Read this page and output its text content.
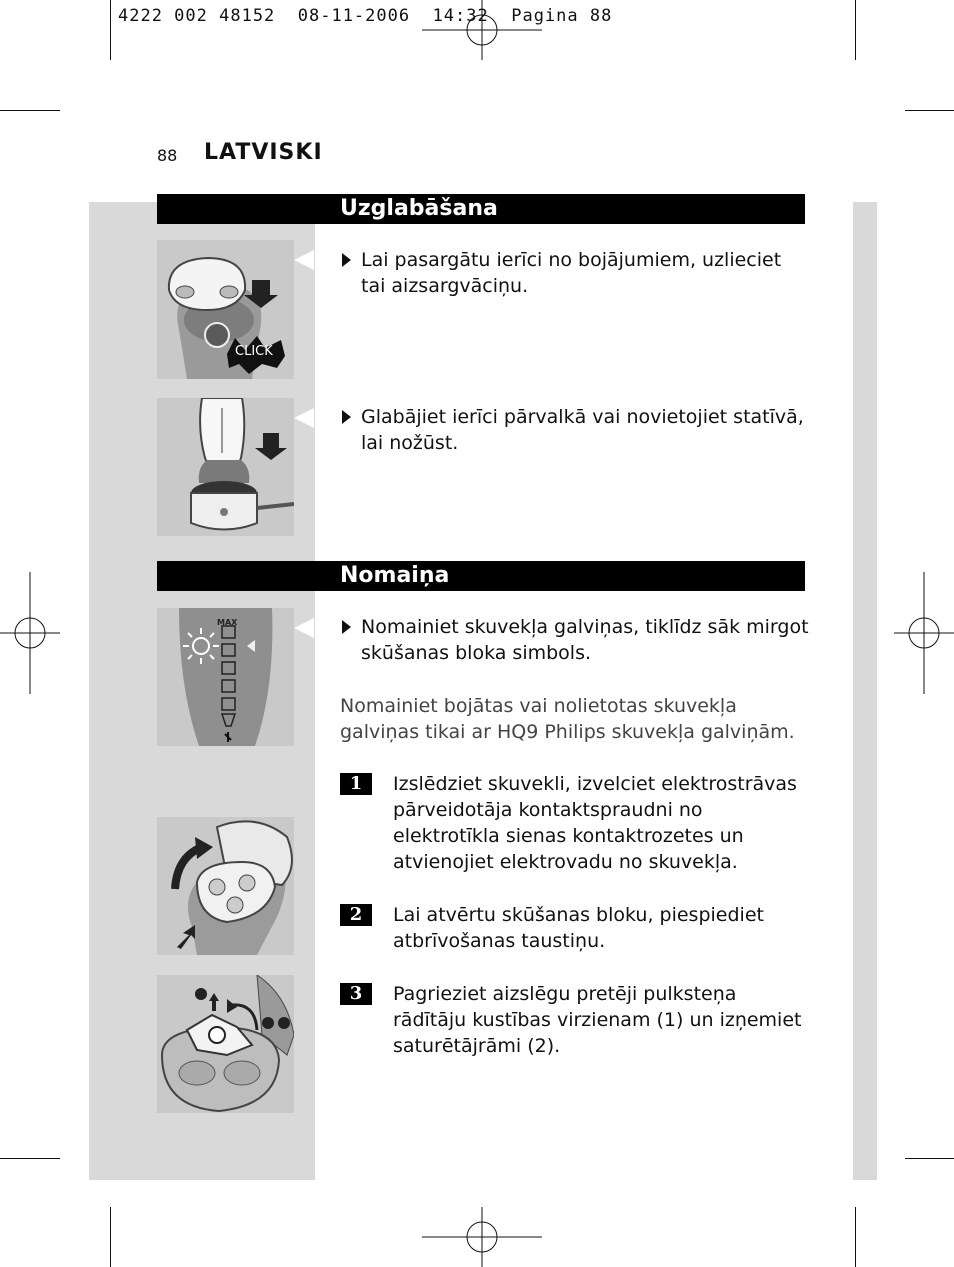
4222 002 48152  08-11-2006  14:32  Pagina 88
88 LATVISKI
Uzglabāšana
CLICK
Lai pasargātu ierīci no bojājumiem, uzlieciet tai aizsargvāciņu.
Glabājiet ierīci pārvalkā vai novietojiet statīvā, lai nožūst.
Nomaiņa
MAX	Nomainiet skuvekļa galviņas, tiklīdz sāk mirgot skūšanas bloka simbols.
Nomainiet bojātas vai nolietotas skuvekļa galviņas tikai ar HQ9 Philips skuvekļa galviņām.
1	Izslēdziet skuvekli, izvelciet elektrostrāvas pārveidotāja kontaktspraudni no elektrotīkla sienas kontaktrozetes un atvienojiet elektrovadu no skuvekļa.
2	Lai atvērtu skūšanas bloku, piespiediet atbrīvošanas taustiņu.
3	Pagrieziet aizslēgu pretēji pulksteņa rādītāju kustības virzienam (1) un izņemiet saturētājrāmi (2).
